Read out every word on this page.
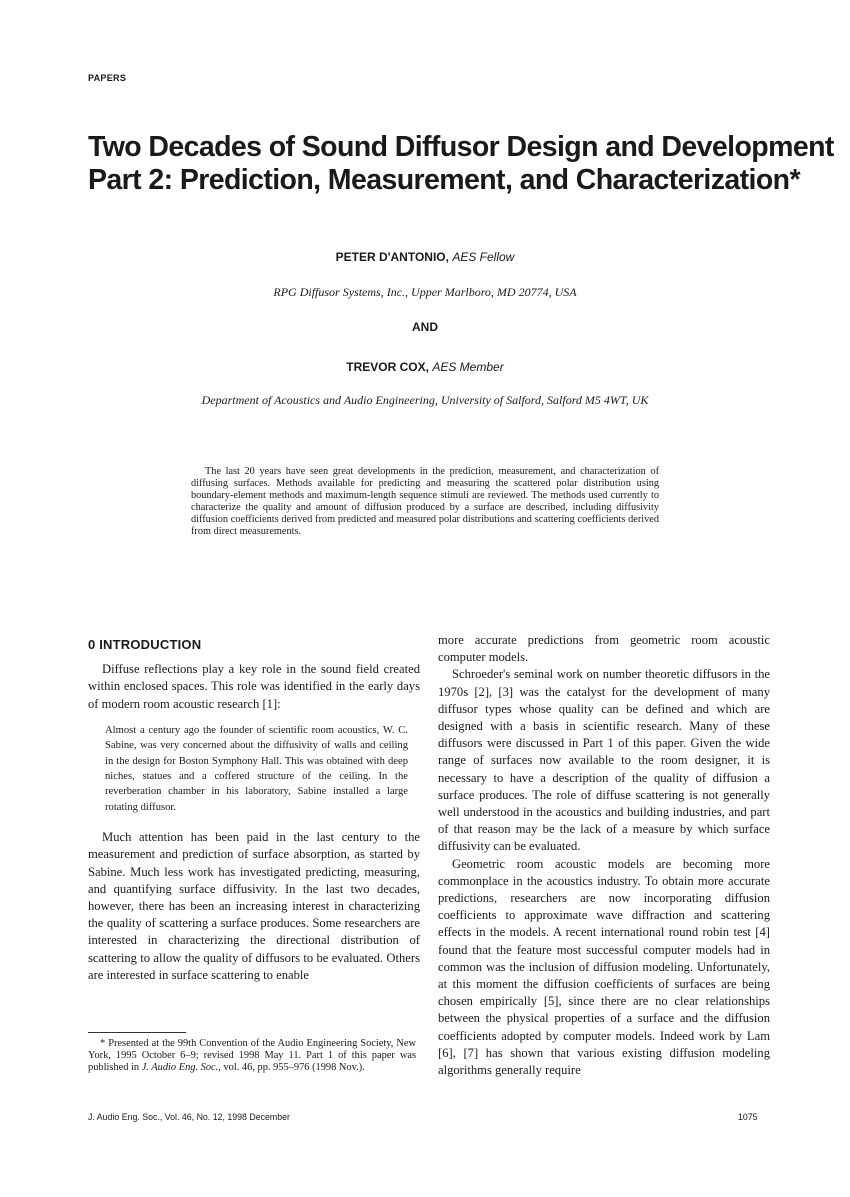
PAPERS
Two Decades of Sound Diffusor Design and Development
Part 2: Prediction, Measurement, and Characterization*
PETER D'ANTONIO, AES Fellow
RPG Diffusor Systems, Inc., Upper Marlboro, MD 20774, USA
AND
TREVOR COX, AES Member
Department of Acoustics and Audio Engineering, University of Salford, Salford M5 4WT, UK

The last 20 years have seen great developments in the prediction, measurement, and characterization of diffusing surfaces. Methods available for predicting and measuring the scattered polar distribution using boundary-element methods and maximum-length sequence stimuli are reviewed. The methods used currently to characterize the quality and amount of diffusion produced by a surface are described, including diffusivity diffusion coefficients derived from predicted and measured polar distributions and scattering coefficients derived from direct measurements.

0 INTRODUCTION

Diffuse reflections play a key role in the sound field created within enclosed spaces. This role was identified in the early days of modern room acoustic research [1]:

Almost a century ago the founder of scientific room acoustics, W. C. Sabine, was very concerned about the diffusivity of walls and ceiling in the design for Boston Symphony Hall. This was obtained with deep niches, statues and a coffered structure of the ceiling. In the reverberation chamber in his laboratory, Sabine installed a large rotating diffusor.

Much attention has been paid in the last century to the measurement and prediction of surface absorption, as started by Sabine. Much less work has investigated predicting, measuring, and quantifying surface diffusivity. In the last two decades, however, there has been an increasing interest in characterizing the quality of scattering a surface produces. Some researchers are interested in characterizing the directional distribution of scattering to allow the quality of diffusors to be evaluated. Others are interested in surface scattering to enable

more accurate predictions from geometric room acoustic computer models.

Schroeder's seminal work on number theoretic diffusors in the 1970s [2], [3] was the catalyst for the development of many diffusor types whose quality can be defined and which are designed with a basis in scientific research. Many of these diffusors were discussed in Part 1 of this paper. Given the wide range of surfaces now available to the room designer, it is necessary to have a description of the quality of diffusion a surface produces. The role of diffuse scattering is not generally well understood in the acoustics and building industries, and part of that reason may be the lack of a measure by which surface diffusivity can be evaluated.

Geometric room acoustic models are becoming more commonplace in the acoustics industry. To obtain more accurate predictions, researchers are now incorporating diffusion coefficients to approximate wave diffraction and scattering effects in the models. A recent international round robin test [4] found that the feature most successful computer models had in common was the inclusion of diffusion modeling. Unfortunately, at this moment the diffusion coefficients of surfaces are being chosen empirically [5], since there are no clear relationships between the physical properties of a surface and the diffusion coefficients adopted by computer models. Indeed work by Lam [6], [7] has shown that various existing diffusion modeling algorithms generally require

* Presented at the 99th Convention of the Audio Engineering Society, New York, 1995 October 6–9; revised 1998 May 11. Part 1 of this paper was published in J. Audio Eng. Soc., vol. 46, pp. 955–976 (1998 Nov.).

J. Audio Eng. Soc., Vol. 46, No. 12, 1998 December	1075
